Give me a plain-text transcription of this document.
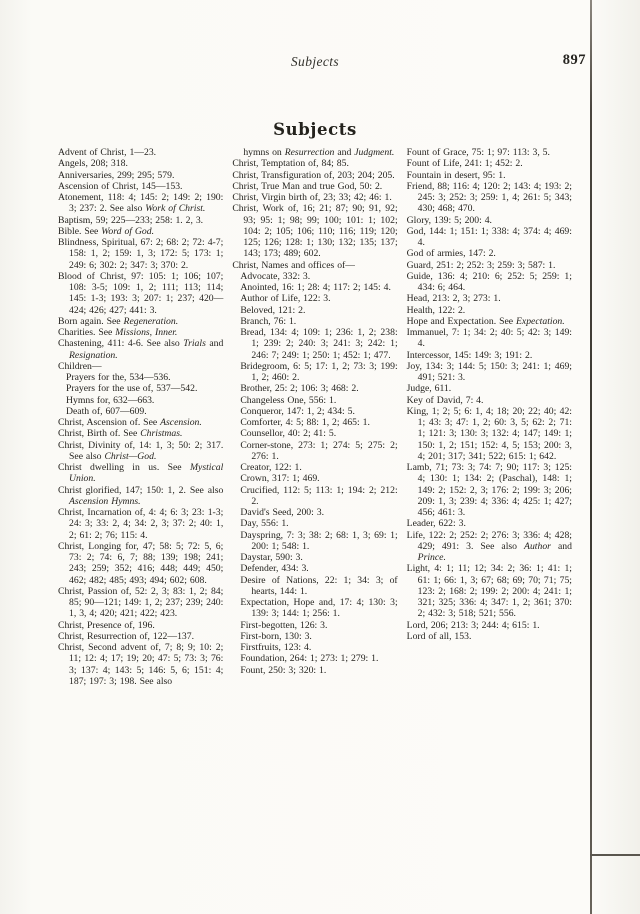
Subjects	897
Subjects

Advent of Christ, 1—23.

Angels, 208; 318.

Anniversaries, 299; 295; 579.

Ascension of Christ, 145—153.

Atonement, 118: 4; 145: 2; 149: 2; 190: 3; 237: 2. See also Work of Christ.

Baptism, 59; 225—233; 258: 1. 2, 3.

Bible. See Word of God.

Blindness, Spiritual, 67: 2; 68: 2; 72: 4-7; 158: 1, 2; 159: 1, 3; 172: 5; 173: 1; 249: 6; 302: 2; 347: 3; 370: 2.

Blood of Christ, 97: 105: 1; 106; 107; 108: 3-5; 109: 1, 2; 111; 113; 114; 145: 1-3; 193: 3; 207: 1; 237; 420—424; 426; 427; 441: 3.

Born again. See Regeneration.

Charities. See Missions, Inner.

Chastening, 411: 4-6. See also Trials and Resignation.

Children—

Prayers for the, 534—536.

Prayers for the use of, 537—542.

Hymns for, 632—663.

Death of, 607—609.

Christ, Ascension of. See Ascension.

Christ, Birth of. See Christmas.

Christ, Divinity of, 14: 1, 3; 50: 2; 317. See also Christ—God.

Christ dwelling in us. See Mystical Union.

Christ glorified, 147; 150: 1, 2. See also Ascension Hymns.

Christ, Incarnation of, 4: 4; 6: 3; 23: 1-3; 24: 3; 33: 2, 4; 34: 2, 3; 37: 2; 40: 1, 2; 61: 2; 76; 115: 4.

Christ, Longing for, 47; 58: 5; 72: 5, 6; 73: 2; 74: 6, 7; 88; 139; 198; 241; 243; 259; 352; 416; 448; 449; 450; 462; 482; 485; 493; 494; 602; 608.

Christ, Passion of, 52: 2, 3; 83: 1, 2; 84; 85; 90—121; 149: 1, 2; 237; 239; 240: 1, 3, 4; 420; 421; 422; 423.

Christ, Presence of, 196.

Christ, Resurrection of, 122—137.

Christ, Second advent of, 7; 8; 9; 10: 2; 11; 12: 4; 17; 19; 20; 47: 5; 73: 3; 76: 3; 137: 4; 143: 5; 146: 5, 6; 151: 4; 187; 197: 3; 198. See also

hymns on Resurrection and Judgment.

Christ, Temptation of, 84; 85.

Christ, Transfiguration of, 203; 204; 205.

Christ, True Man and true God, 50: 2.

Christ, Virgin birth of, 23; 33; 42; 46: 1.

Christ, Work of, 16; 21; 87; 90; 91, 92; 93; 95: 1; 98; 99; 100; 101: 1; 102; 104: 2; 105; 106; 110; 116; 119; 120; 125; 126; 128: 1; 130; 132; 135; 137; 143; 173; 489; 602.

Christ, Names and offices of—

Advocate, 332: 3.

Anointed, 16: 1; 28: 4; 117: 2; 145: 4.

Author of Life, 122: 3.

Beloved, 121: 2.

Branch, 76: 1.

Bread, 134: 4; 109: 1; 236: 1, 2; 238: 1; 239: 2; 240: 3; 241: 3; 242: 1; 246: 7; 249: 1; 250: 1; 452: 1; 477.

Bridegroom, 6: 5; 17: 1, 2; 73: 3; 199: 1, 2; 460: 2.

Brother, 25: 2; 106: 3; 468: 2.

Changeless One, 556: 1.

Conqueror, 147: 1, 2; 434: 5.

Comforter, 4: 5; 88: 1, 2; 465: 1.

Counsellor, 40: 2; 41: 5.

Corner-stone, 273: 1; 274: 5; 275: 2; 276: 1.

Creator, 122: 1.

Crown, 317: 1; 469.

Crucified, 112: 5; 113: 1; 194: 2; 212: 2.

David's Seed, 200: 3.

Day, 556: 1.

Dayspring, 7: 3; 38: 2; 68: 1, 3; 69: 1; 200: 1; 548: 1.

Daystar, 590: 3.

Defender, 434: 3.

Desire of Nations, 22: 1; 34: 3; of hearts, 144: 1.

Expectation, Hope and, 17: 4; 130: 3; 139: 3; 144: 1; 256: 1.

First-begotten, 126: 3.

First-born, 130: 3.

Firstfruits, 123: 4.

Foundation, 264: 1; 273: 1; 279: 1.

Fount, 250: 3; 320: 1.

Fount of Grace, 75: 1; 97: 113: 3, 5.

Fount of Life, 241: 1; 452: 2.

Fountain in desert, 95: 1.

Friend, 88; 116: 4; 120: 2; 143: 4; 193: 2; 245: 3; 252: 3; 259: 1, 4; 261: 5; 343; 430; 468; 470.

Glory, 139: 5; 200: 4.

God, 144: 1; 151: 1; 338: 4; 374: 4; 469: 4.

God of armies, 147: 2.

Guard, 251: 2; 252: 3; 259: 3; 587: 1.

Guide, 136: 4; 210: 6; 252: 5; 259: 1; 434: 6; 464.

Head, 213: 2, 3; 273: 1.

Health, 122: 2.

Hope and Expectation. See Expectation.

Immanuel, 7: 1; 34: 2; 40: 5; 42: 3; 149: 4.

Intercessor, 145: 149: 3; 191: 2.

Joy, 134: 3; 144: 5; 150: 3; 241: 1; 469; 491; 521: 3.

Judge, 611.

Key of David, 7: 4.

King, 1; 2; 5; 6: 1, 4; 18; 20; 22; 40; 42: 1; 43: 3; 47: 1, 2; 60: 3, 5; 62: 2; 71: 1; 121: 3; 130: 3; 132: 4; 147; 149: 1; 150: 1, 2; 151; 152: 4, 5; 153; 200: 3, 4; 201; 317; 341; 522; 615: 1; 642.

Lamb, 71; 73: 3; 74: 7; 90; 117: 3; 125: 4; 130: 1; 134: 2; (Paschal), 148: 1; 149: 2; 152: 2, 3; 176: 2; 199: 3; 206; 209: 1, 3; 239: 4; 336: 4; 425: 1; 427; 456; 461: 3.

Leader, 622: 3.

Life, 122: 2; 252: 2; 276: 3; 336: 4; 428; 429; 491: 3. See also Author and Prince.

Light, 4: 1; 11; 12; 34: 2; 36: 1; 41: 1; 61: 1; 66: 1, 3; 67; 68; 69; 70; 71; 75; 123: 2; 168: 2; 199: 2; 200: 4; 241: 1; 321; 325; 336: 4; 347: 1, 2; 361; 370: 2; 432: 3; 518; 521; 556.

Lord, 206; 213: 3; 244: 4; 615: 1.

Lord of all, 153.
